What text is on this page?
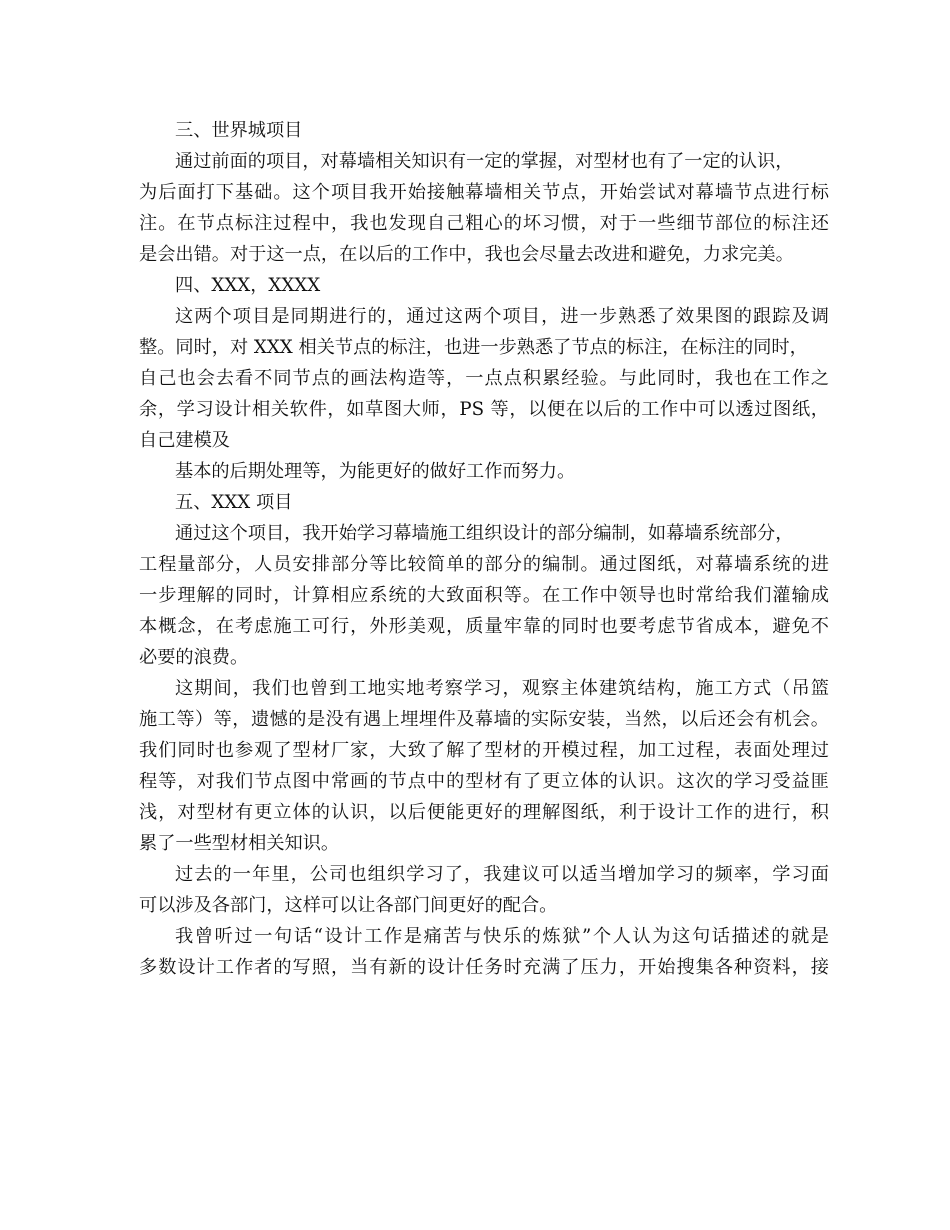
三、世界城项目
通过前面的项目，对幕墙相关知识有一定的掌握，对型材也有了一定的认识，
为后面打下基础。这个项目我开始接触幕墙相关节点，开始尝试对幕墙节点进行标
注。在节点标注过程中，我也发现自己粗心的坏习惯，对于一些细节部位的标注还
是会出错。对于这一点，在以后的工作中，我也会尽量去改进和避免，力求完美。
四、XXX，XXXX
这两个项目是同期进行的，通过这两个项目，进一步熟悉了效果图的跟踪及调
整。同时，对 XXX 相关节点的标注，也进一步熟悉了节点的标注，在标注的同时，
自己也会去看不同节点的画法构造等，一点点积累经验。与此同时，我也在工作之
余，学习设计相关软件，如草图大师，PS 等，以便在以后的工作中可以透过图纸，
自己建模及
基本的后期处理等，为能更好的做好工作而努力。
五、XXX 项目
通过这个项目，我开始学习幕墙施工组织设计的部分编制，如幕墙系统部分，
工程量部分，人员安排部分等比较简单的部分的编制。通过图纸，对幕墙系统的进
一步理解的同时，计算相应系统的大致面积等。在工作中领导也时常给我们灌输成
本概念，在考虑施工可行，外形美观，质量牢靠的同时也要考虑节省成本，避免不
必要的浪费。
这期间，我们也曾到工地实地考察学习，观察主体建筑结构，施工方式（吊篮
施工等）等，遗憾的是没有遇上埋埋件及幕墙的实际安装，当然，以后还会有机会。
我们同时也参观了型材厂家，大致了解了型材的开模过程，加工过程，表面处理过
程等，对我们节点图中常画的节点中的型材有了更立体的认识。这次的学习受益匪
浅，对型材有更立体的认识，以后便能更好的理解图纸，利于设计工作的进行，积
累了一些型材相关知识。
过去的一年里，公司也组织学习了，我建议可以适当增加学习的频率，学习面
可以涉及各部门，这样可以让各部门间更好的配合。
我曾听过一句话“设计工作是痛苦与快乐的炼狱”个人认为这句话描述的就是
多数设计工作者的写照，当有新的设计任务时充满了压力，开始搜集各种资料，接
